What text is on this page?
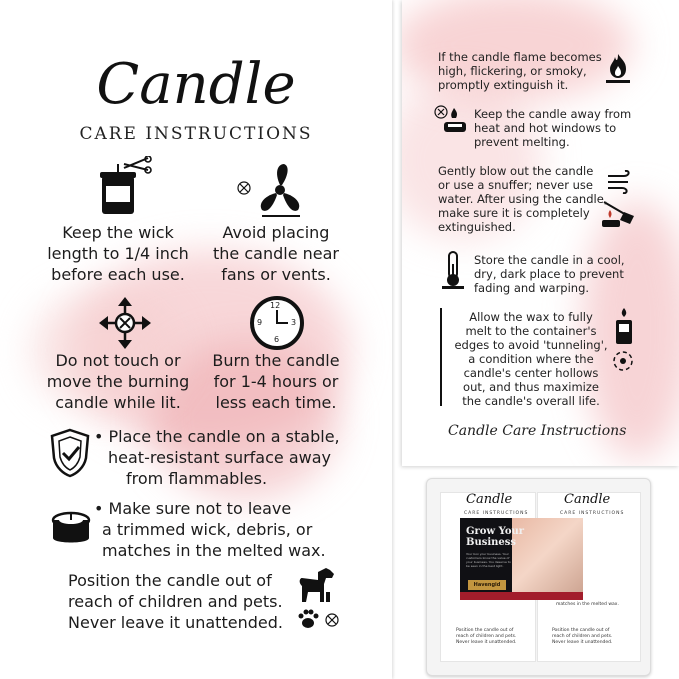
Candle
CARE INSTRUCTIONS
Keep the wick
length to 1/4 inch
before each use.
Avoid placing
the candle near
fans or vents.
12
3
6
9
Do not touch or
move the burning
candle while lit.
Burn the candle
for 1-4 hours or
less each time.
• Place the candle on a stable,
heat-resistant surface away
from flammables.
• Make sure not to leave
a trimmed wick, debris, or
matches in the melted wax.
Position the candle out of
reach of children and pets.
Never leave it unattended.
If the candle flame becomes
high, flickering, or smoky,
promptly extinguish it.
Keep the candle away from
heat and hot windows to
prevent melting.
Gently blow out the candle
or use a snuffer; never use
water. After using the candle,
make sure it is completely
extinguished.
Store the candle in a cool,
dry, dark place to prevent
fading and warping.
Allow the wax to fully
melt to the container's
edges to avoid 'tunneling',
a condition where the
candle's center hollows
out, and thus maximize
the candle's overall life.
Candle Care Instructions
Candle
CARE INSTRUCTIONS
Candle
CARE INSTRUCTIONS
Grow Your
Business
Your box your business. Your customers know the value of your business. You deserve to be seen in the best light.
Havengid
matches in the melted wax.
Position the candle out of
reach of children and pets.
Never leave it unattended.
Position the candle out of
reach of children and pets.
Never leave it unattended.
